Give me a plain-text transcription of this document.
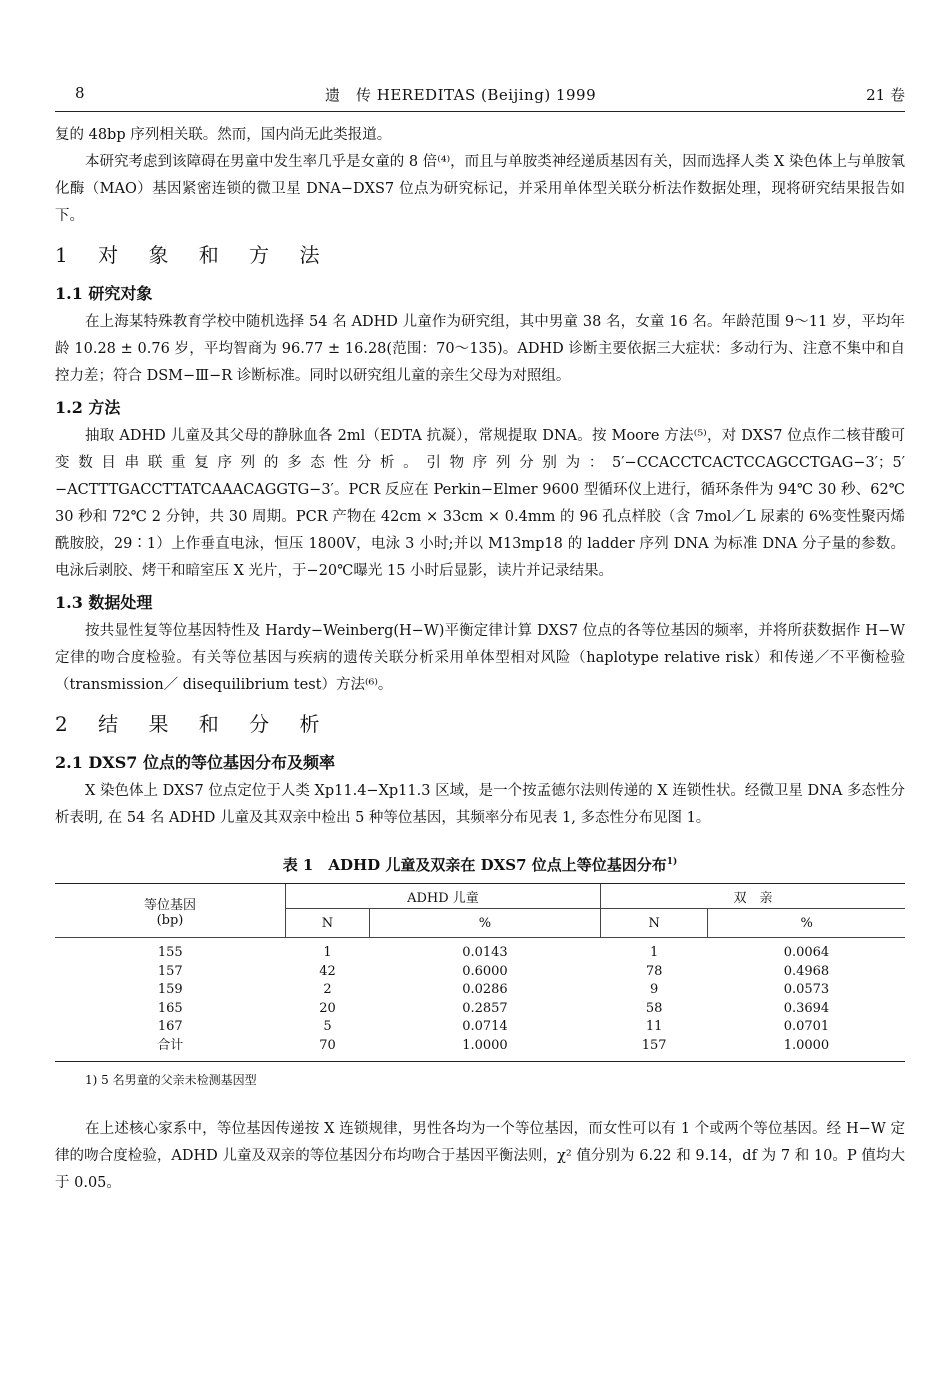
8	遗　传 HEREDITAS (Beijing) 1999	21 卷

复的 48bp 序列相关联。然而，国内尚无此类报道。

本研究考虑到该障碍在男童中发生率几乎是女童的 8 倍⁽⁴⁾，而且与单胺类神经递质基因有关，因而选择人类 X 染色体上与单胺氧化酶（MAO）基因紧密连锁的微卫星 DNA−DXS7 位点为研究标记，并采用单体型关联分析法作数据处理，现将研究结果报告如下。

1 对 象 和 方 法
1.1 研究对象

在上海某特殊教育学校中随机选择 54 名 ADHD 儿童作为研究组，其中男童 38 名，女童 16 名。年龄范围 9～11 岁，平均年龄 10.28 ± 0.76 岁，平均智商为 96.77 ± 16.28(范围：70～135)。ADHD 诊断主要依据三大症状：多动行为、注意不集中和自控力差；符合 DSM−Ⅲ−R 诊断标准。同时以研究组儿童的亲生父母为对照组。

1.2 方法

抽取 ADHD 儿童及其父母的静脉血各 2ml（EDTA 抗凝），常规提取 DNA。按 Moore 方法⁽⁵⁾，对 DXS7 位点作二核苷酸可变数目串联重复序列的多态性分析。引物序列分别为：5′−CCACCTCACTCCAGCCTGAG−3′；5′−ACTTTGACCTTATCAAACAGGTG−3′。PCR 反应在 Perkin−Elmer 9600 型循环仪上进行，循环条件为 94℃ 30 秒、62℃ 30 秒和 72℃ 2 分钟，共 30 周期。PCR 产物在 42cm × 33cm × 0.4mm 的 96 孔点样胶（含 7mol／L 尿素的 6%变性聚丙烯酰胺胶，29∶1）上作垂直电泳，恒压 1800V，电泳 3 小时;并以 M13mp18 的 ladder 序列 DNA 为标准 DNA 分子量的参数。电泳后剥胶、烤干和暗室压 X 光片，于−20℃曝光 15 小时后显影，读片并记录结果。

1.3 数据处理

按共显性复等位基因特性及 Hardy−Weinberg(H−W)平衡定律计算 DXS7 位点的各等位基因的频率，并将所获数据作 H−W 定律的吻合度检验。有关等位基因与疾病的遗传关联分析采用单体型相对风险（haplotype relative risk）和传递／不平衡检验（transmission／ disequilibrium test）方法⁽⁶⁾。

2 结 果 和 分 析
2.1 DXS7 位点的等位基因分布及频率

X 染色体上 DXS7 位点定位于人类 Xp11.4−Xp11.3 区域，是一个按孟德尔法则传递的 X 连锁性状。经微卫星 DNA 多态性分析表明, 在 54 名 ADHD 儿童及其双亲中检出 5 种等位基因，其频率分布见表 1, 多态性分布见图 1。

表 1　ADHD 儿童及双亲在 DXS7 位点上等位基因分布$^{1)}$
等位基因
(bp)	ADHD 儿童		双　亲	
	N	%	N	%
155	1	0.0143	1	0.0064
157	42	0.6000	78	0.4968
159	2	0.0286	9	0.0573
165	20	0.2857	58	0.3694
167	5	0.0714	11	0.0701
合计	70	1.0000	157	1.0000
1) 5 名男童的父亲未检测基因型

在上述核心家系中，等位基因传递按 X 连锁规律，男性各均为一个等位基因，而女性可以有 1 个或两个等位基因。经 H−W 定律的吻合度检验，ADHD 儿童及双亲的等位基因分布均吻合于基因平衡法则，χ² 值分别为 6.22 和 9.14，df 为 7 和 10。P 值均大于 0.05。
